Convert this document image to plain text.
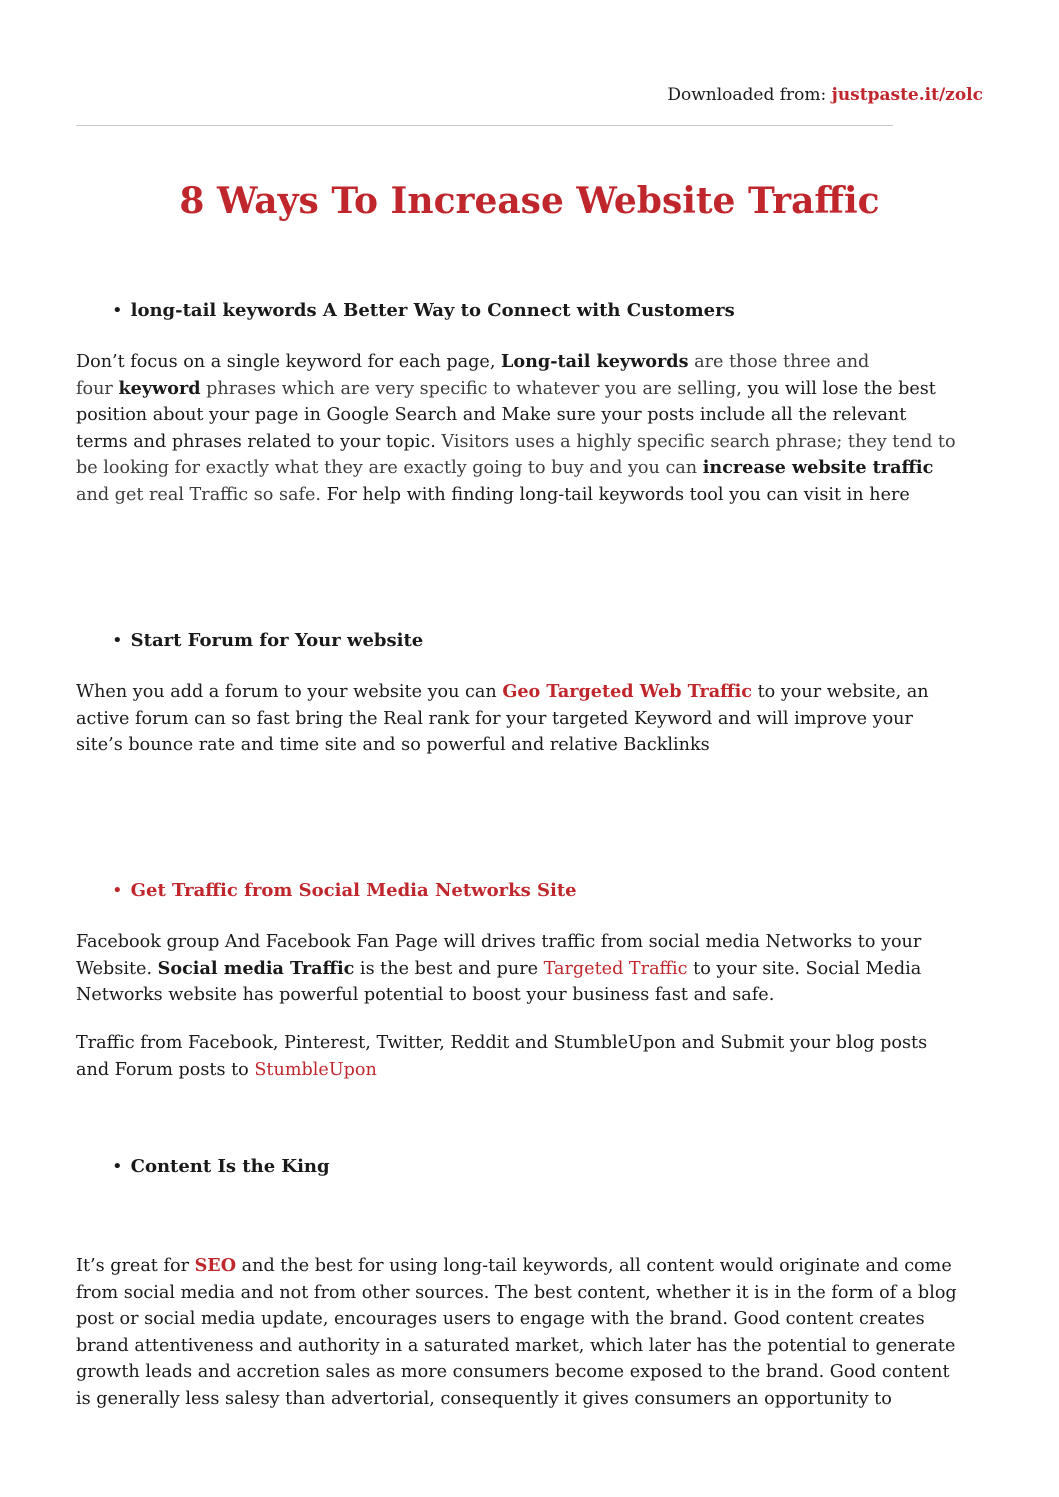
Downloaded from: justpaste.it/zolc
8 Ways To Increase Website Traffic

• long-tail keywords A Better Way to Connect with Customers

Don’t focus on a single keyword for each page, Long-tail keywords are those three and
four keyword phrases which are very specific to whatever you are selling, you will lose the best
position about your page in Google Search and Make sure your posts include all the relevant
terms and phrases related to your topic. Visitors uses a highly specific search phrase; they tend to
be looking for exactly what they are exactly going to buy and you can increase website traffic
and get real Traffic so safe. For help with finding long-tail keywords tool you can visit in here

• Start Forum for Your website

When you add a forum to your website you can Geo Targeted Web Traffic to your website, an
active forum can so fast bring the Real rank for your targeted Keyword and will improve your
site’s bounce rate and time site and so powerful and relative Backlinks

• Get Traffic from Social Media Networks Site

Facebook group And Facebook Fan Page will drives traffic from social media Networks to your
Website. Social media Traffic is the best and pure Targeted Traffic to your site. Social Media
Networks website has powerful potential to boost your business fast and safe.
Traffic from Facebook, Pinterest, Twitter, Reddit and StumbleUpon and Submit your blog posts
and Forum posts to StumbleUpon

• Content Is the King

It’s great for SEO and the best for using long-tail keywords, all content would originate and come
from social media and not from other sources. The best content, whether it is in the form of a blog
post or social media update, encourages users to engage with the brand. Good content creates
brand attentiveness and authority in a saturated market, which later has the potential to generate
growth leads and accretion sales as more consumers become exposed to the brand. Good content
is generally less salesy than advertorial, consequently it gives consumers an opportunity to
